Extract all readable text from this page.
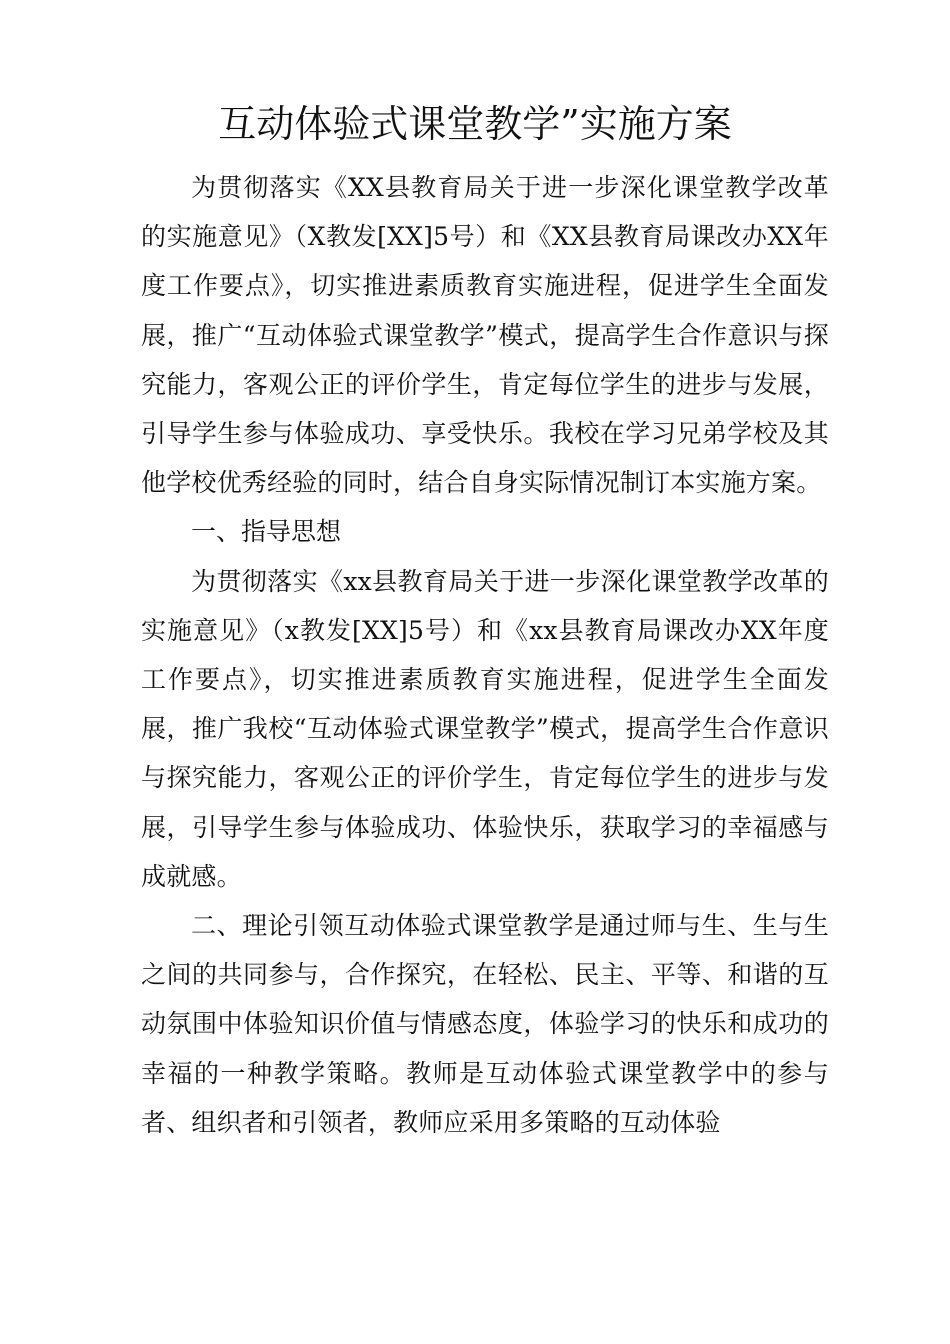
互动体验式课堂教学”实施方案

为贯彻落实《XX县教育局关于进一步深化课堂教学改革的实施意见》（X教发[XX]5号）和《XX县教育局课改办XX年度工作要点》，切实推进素质教育实施进程，促进学生全面发展，推广“互动体验式课堂教学”模式，提高学生合作意识与探究能力，客观公正的评价学生，肯定每位学生的进步与发展，引导学生参与体验成功、享受快乐。我校在学习兄弟学校及其他学校优秀经验的同时，结合自身实际情况制订本实施方案。

一、指导思想

为贯彻落实《xx县教育局关于进一步深化课堂教学改革的实施意见》（x教发[XX]5号）和《xx县教育局课改办XX年度工作要点》，切实推进素质教育实施进程，促进学生全面发展，推广我校“互动体验式课堂教学”模式，提高学生合作意识与探究能力，客观公正的评价学生，肯定每位学生的进步与发展，引导学生参与体验成功、体验快乐，获取学习的幸福感与成就感。

二、理论引领互动体验式课堂教学是通过师与生、生与生之间的共同参与，合作探究，在轻松、民主、平等、和谐的互动氛围中体验知识价值与情感态度，体验学习的快乐和成功的幸福的一种教学策略。教师是互动体验式课堂教学中的参与者、组织者和引领者，教师应采用多策略的互动体验
